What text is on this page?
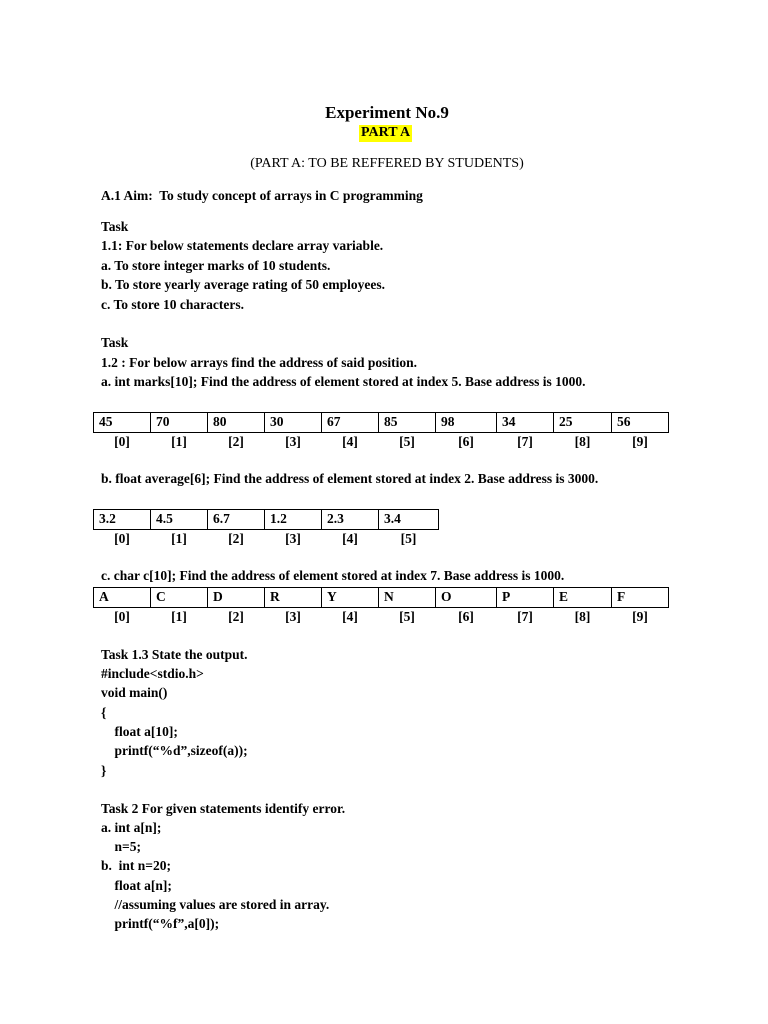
Experiment No.9
PART A
(PART A: TO BE REFFERED BY STUDENTS)
A.1 Aim:  To study concept of arrays in C programming
Task
1.1: For below statements declare array variable.
a. To store integer marks of 10 students.
b. To store yearly average rating of 50 employees.
c. To store 10 characters.
Task
1.2 : For below arrays find the address of said position.
a. int marks[10]; Find the address of element stored at index 5. Base address is 1000.
45	70	80	30	67	85	98	34	25	56
[0]	[1]	[2]	[3]	[4]	[5]	[6]	[7]	[8]	[9]
b. float average[6]; Find the address of element stored at index 2. Base address is 3000.
3.2	4.5	6.7	1.2	2.3	3.4
[0]	[1]	[2]	[3]	[4]	[5]
c. char c[10]; Find the address of element stored at index 7. Base address is 1000.
A	C	D	R	Y	N	O	P	E	F
[0]	[1]	[2]	[3]	[4]	[5]	[6]	[7]	[8]	[9]
Task 1.3 State the output.
#include<stdio.h>
void main()
{
float a[10];
printf(“%d”,sizeof(a));
}
Task 2 For given statements identify error.
a. int a[n];
n=5;
b.  int n=20;
float a[n];
//assuming values are stored in array.
printf(“%f”,a[0]);
